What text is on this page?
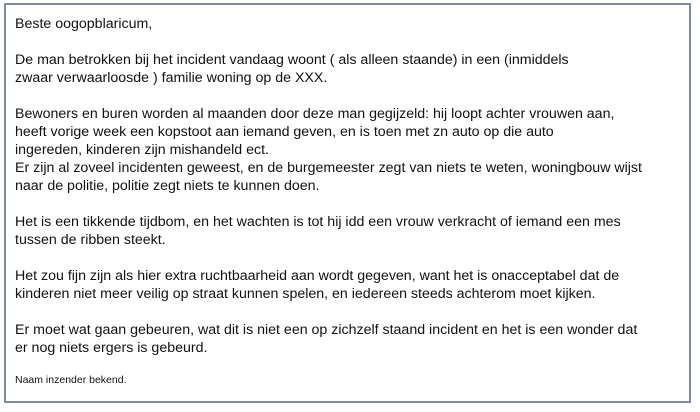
Beste oogopblaricum,
De man betrokken bij het incident vandaag woont ( als alleen staande) in een (inmiddels
zwaar verwaarloosde ) familie woning op de XXX.
Bewoners en buren worden al maanden door deze man gegijzeld: hij loopt achter vrouwen aan,
heeft vorige week een kopstoot aan iemand geven, en is toen met zn auto op die auto
ingereden, kinderen zijn mishandeld ect.
Er zijn al zoveel incidenten geweest, en de burgemeester zegt van niets te weten, woningbouw wijst
naar de politie, politie zegt niets te kunnen doen.
Het is een tikkende tijdbom, en het wachten is tot hij idd een vrouw verkracht of iemand een mes
tussen de ribben steekt.
Het zou fijn zijn als hier extra ruchtbaarheid aan wordt gegeven, want het is onacceptabel dat de
kinderen niet meer veilig op straat kunnen spelen, en iedereen steeds achterom moet kijken.
Er moet wat gaan gebeuren, wat dit is niet een op zichzelf staand incident en het is een wonder dat
er nog niets ergers is gebeurd.
Naam inzender bekend.
